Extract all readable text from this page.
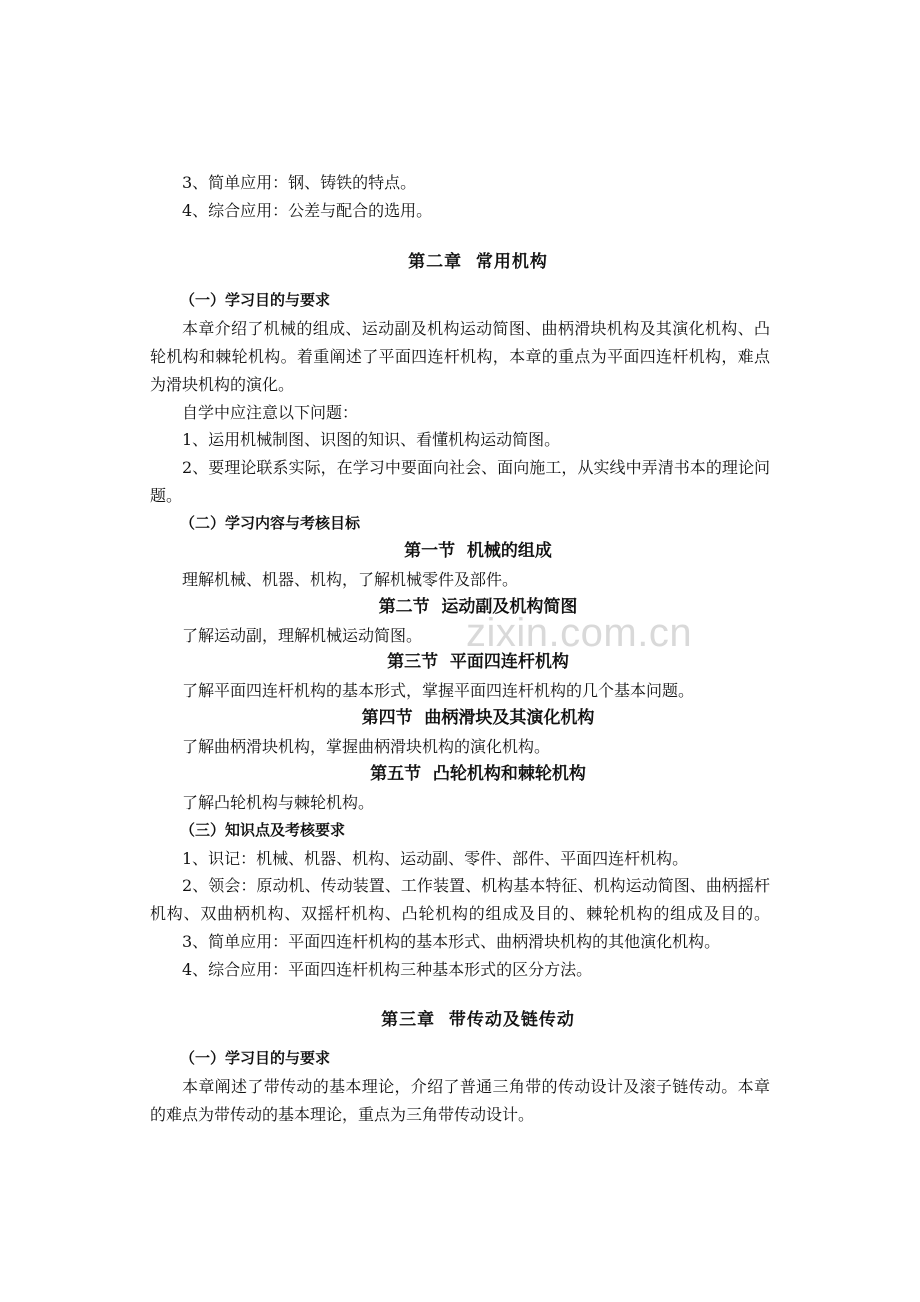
zixin.com.cn
3、简单应用：钢、铸铁的特点。
4、综合应用：公差与配合的选用。
第二章  常用机构
（一）学习目的与要求
本章介绍了机械的组成、运动副及机构运动简图、曲柄滑块机构及其演化机构、凸
轮机构和棘轮机构。着重阐述了平面四连杆机构，本章的重点为平面四连杆机构，难点
为滑块机构的演化。
自学中应注意以下问题：
1、运用机械制图、识图的知识、看懂机构运动简图。
2、要理论联系实际，在学习中要面向社会、面向施工，从实线中弄清书本的理论问
题。
（二）学习内容与考核目标
第一节  机械的组成
理解机械、机器、机构，了解机械零件及部件。
第二节  运动副及机构简图
了解运动副，理解机械运动简图。
第三节  平面四连杆机构
了解平面四连杆机构的基本形式，掌握平面四连杆机构的几个基本问题。
第四节  曲柄滑块及其演化机构
了解曲柄滑块机构，掌握曲柄滑块机构的演化机构。
第五节  凸轮机构和棘轮机构
了解凸轮机构与棘轮机构。
（三）知识点及考核要求
1、识记：机械、机器、机构、运动副、零件、部件、平面四连杆机构。
2、领会：原动机、传动装置、工作装置、机构基本特征、机构运动简图、曲柄摇杆
机构、双曲柄机构、双摇杆机构、凸轮机构的组成及目的、棘轮机构的组成及目的。
3、简单应用：平面四连杆机构的基本形式、曲柄滑块机构的其他演化机构。
4、综合应用：平面四连杆机构三种基本形式的区分方法。
第三章  带传动及链传动
（一）学习目的与要求
本章阐述了带传动的基本理论，介绍了普通三角带的传动设计及滚子链传动。本章
的难点为带传动的基本理论，重点为三角带传动设计。
